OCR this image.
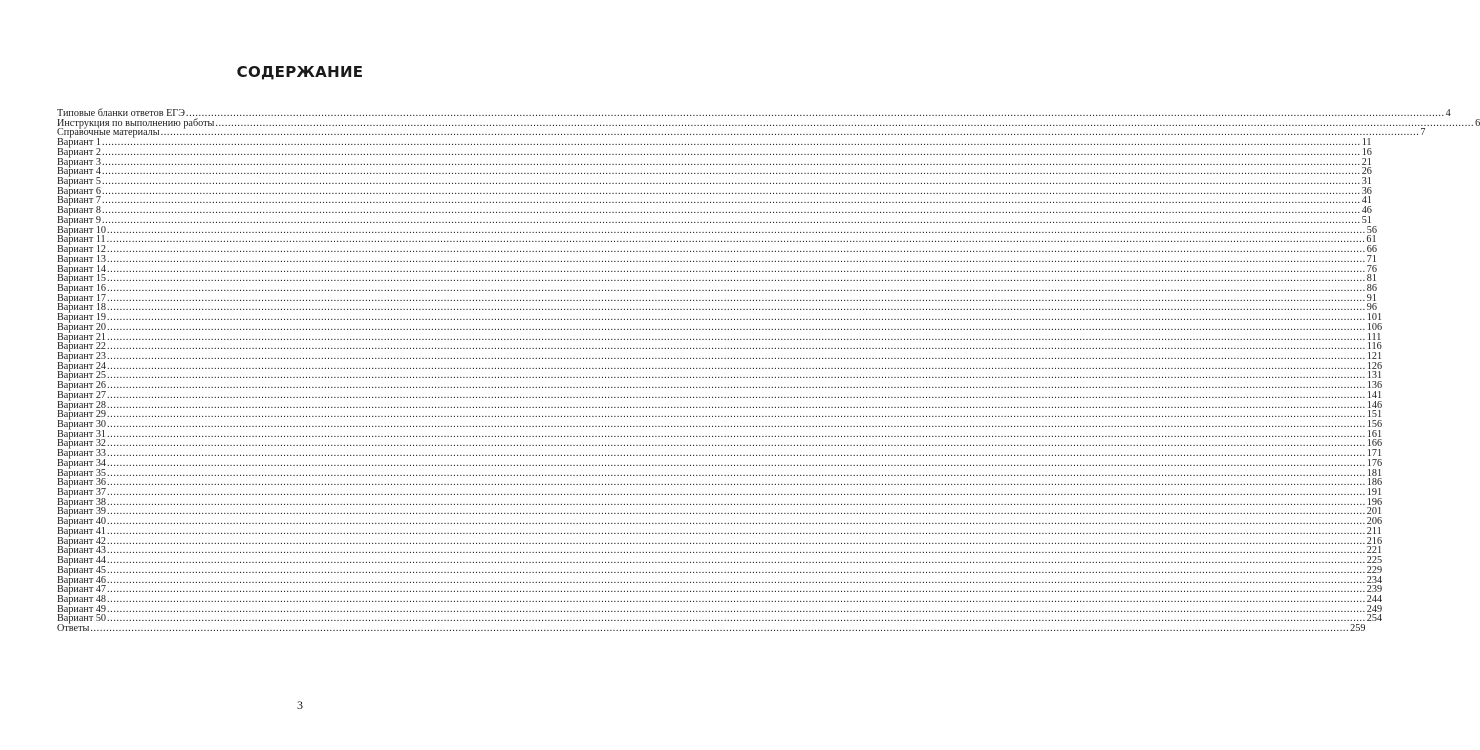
СОДЕРЖАНИЕ
Типовые бланки ответов ЕГЭ ................................................................................................................................................................................................................................................................................................................................................................................................................ 4
Инструкция по выполнению работы ................................................................................................................................................................................................................................................................................................................................................................................................................ 6
Справочные материалы ................................................................................................................................................................................................................................................................................................................................................................................................................ 7
Вариант 1 ................................................................................................................................................................................................................................................................................................................................................................................................................ 11
Вариант 2 ................................................................................................................................................................................................................................................................................................................................................................................................................ 16
Вариант 3 ................................................................................................................................................................................................................................................................................................................................................................................................................ 21
Вариант 4 ................................................................................................................................................................................................................................................................................................................................................................................................................ 26
Вариант 5 ................................................................................................................................................................................................................................................................................................................................................................................................................ 31
Вариант 6 ................................................................................................................................................................................................................................................................................................................................................................................................................ 36
Вариант 7 ................................................................................................................................................................................................................................................................................................................................................................................................................ 41
Вариант 8 ................................................................................................................................................................................................................................................................................................................................................................................................................ 46
Вариант 9 ................................................................................................................................................................................................................................................................................................................................................................................................................ 51
Вариант 10 ................................................................................................................................................................................................................................................................................................................................................................................................................ 56
Вариант 11 ................................................................................................................................................................................................................................................................................................................................................................................................................ 61
Вариант 12 ................................................................................................................................................................................................................................................................................................................................................................................................................ 66
Вариант 13 ................................................................................................................................................................................................................................................................................................................................................................................................................ 71
Вариант 14 ................................................................................................................................................................................................................................................................................................................................................................................................................ 76
Вариант 15 ................................................................................................................................................................................................................................................................................................................................................................................................................ 81
Вариант 16 ................................................................................................................................................................................................................................................................................................................................................................................................................ 86
Вариант 17 ................................................................................................................................................................................................................................................................................................................................................................................................................ 91
Вариант 18 ................................................................................................................................................................................................................................................................................................................................................................................................................ 96
Вариант 19 ................................................................................................................................................................................................................................................................................................................................................................................................................ 101
Вариант 20 ................................................................................................................................................................................................................................................................................................................................................................................................................ 106
Вариант 21 ................................................................................................................................................................................................................................................................................................................................................................................................................ 111
Вариант 22 ................................................................................................................................................................................................................................................................................................................................................................................................................ 116
Вариант 23 ................................................................................................................................................................................................................................................................................................................................................................................................................ 121
Вариант 24 ................................................................................................................................................................................................................................................................................................................................................................................................................ 126
Вариант 25 ................................................................................................................................................................................................................................................................................................................................................................................................................ 131
Вариант 26 ................................................................................................................................................................................................................................................................................................................................................................................................................ 136
Вариант 27 ................................................................................................................................................................................................................................................................................................................................................................................................................ 141
Вариант 28 ................................................................................................................................................................................................................................................................................................................................................................................................................ 146
Вариант 29 ................................................................................................................................................................................................................................................................................................................................................................................................................ 151
Вариант 30 ................................................................................................................................................................................................................................................................................................................................................................................................................ 156
Вариант 31 ................................................................................................................................................................................................................................................................................................................................................................................................................ 161
Вариант 32 ................................................................................................................................................................................................................................................................................................................................................................................................................ 166
Вариант 33 ................................................................................................................................................................................................................................................................................................................................................................................................................ 171
Вариант 34 ................................................................................................................................................................................................................................................................................................................................................................................................................ 176
Вариант 35 ................................................................................................................................................................................................................................................................................................................................................................................................................ 181
Вариант 36 ................................................................................................................................................................................................................................................................................................................................................................................................................ 186
Вариант 37 ................................................................................................................................................................................................................................................................................................................................................................................................................ 191
Вариант 38 ................................................................................................................................................................................................................................................................................................................................................................................................................ 196
Вариант 39 ................................................................................................................................................................................................................................................................................................................................................................................................................ 201
Вариант 40 ................................................................................................................................................................................................................................................................................................................................................................................................................ 206
Вариант 41 ................................................................................................................................................................................................................................................................................................................................................................................................................ 211
Вариант 42 ................................................................................................................................................................................................................................................................................................................................................................................................................ 216
Вариант 43 ................................................................................................................................................................................................................................................................................................................................................................................................................ 221
Вариант 44 ................................................................................................................................................................................................................................................................................................................................................................................................................ 225
Вариант 45 ................................................................................................................................................................................................................................................................................................................................................................................................................ 229
Вариант 46 ................................................................................................................................................................................................................................................................................................................................................................................................................ 234
Вариант 47 ................................................................................................................................................................................................................................................................................................................................................................................................................ 239
Вариант 48 ................................................................................................................................................................................................................................................................................................................................................................................................................ 244
Вариант 49 ................................................................................................................................................................................................................................................................................................................................................................................................................ 249
Вариант 50 ................................................................................................................................................................................................................................................................................................................................................................................................................ 254
Ответы ................................................................................................................................................................................................................................................................................................................................................................................................................ 259
3
